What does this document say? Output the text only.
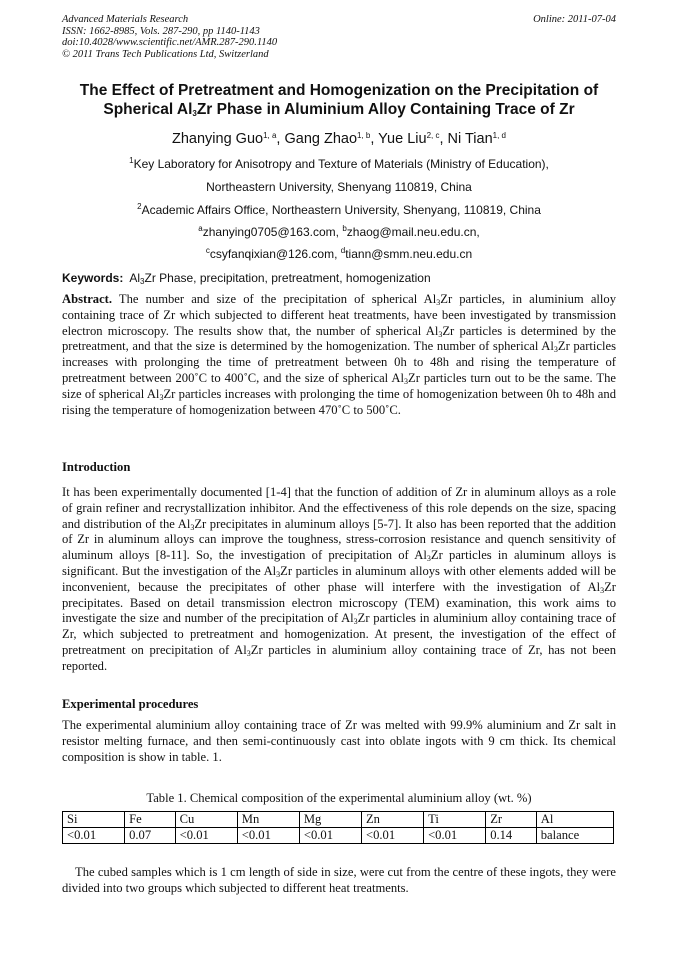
Advanced Materials Research
ISSN: 1662-8985, Vols. 287-290, pp 1140-1143
doi:10.4028/www.scientific.net/AMR.287-290.1140
© 2011 Trans Tech Publications Ltd, Switzerland
Online: 2011-07-04
The Effect of Pretreatment and Homogenization on the Precipitation of
Spherical $Al_3Zr$ Phase in Aluminium Alloy Containing Trace of Zr
Zhanying Guo$^{1, a}$, Gang Zhao$^{1, b}$, Yue Liu$^{2, c}$, Ni Tian$^{1, d}$
$^1$Key Laboratory for Anisotropy and Texture of Materials (Ministry of Education),
Northeastern University, Shenyang 110819, China
$^2$Academic Affairs Office, Northeastern University, Shenyang, 110819, China
$^a$zhanying0705@163.com, $^b$zhaog@mail.neu.edu.cn,
$^c$csyfanqixian@126.com, $^d$tiann@smm.neu.edu.cn
Keywords: $Al_3Zr$ Phase, precipitation, pretreatment, homogenization
Abstract. The number and size of the precipitation of spherical $Al_3Zr$ particles, in aluminium alloy containing trace of Zr which subjected to different heat treatments, have been investigated by transmission electron microscopy. The results show that, the number of spherical $Al_3Zr$ particles is determined by the pretreatment, and that the size is determined by the homogenization. The number of spherical $Al_3Zr$ particles increases with prolonging the time of pretreatment between 0h to 48h and rising the temperature of pretreatment between 200˚C to 400˚C, and the size of spherical $Al_3Zr$ particles turn out to be the same. The size of spherical $Al_3Zr$ particles increases with prolonging the time of homogenization between 0h to 48h and rising the temperature of homogenization between 470˚C to 500˚C.
Introduction
It has been experimentally documented [1-4] that the function of addition of Zr in aluminum alloys as a role of grain refiner and recrystallization inhibitor. And the effectiveness of this role depends on the size, spacing and distribution of the $Al_3Zr$ precipitates in aluminum alloys [5-7]. It also has been reported that the addition of Zr in aluminum alloys can improve the toughness, stress-corrosion resistance and quench sensitivity of aluminum alloys [8-11]. So, the investigation of precipitation of $Al_3Zr$ particles in aluminum alloys is significant. But the investigation of the $Al_3Zr$ particles in aluminum alloys with other elements added will be inconvenient, because the precipitates of other phase will interfere with the investigation of $Al_3Zr$ precipitates. Based on detail transmission electron microscopy (TEM) examination, this work aims to investigate the size and number of the precipitation of $Al_3Zr$ particles in aluminium alloy containing trace of Zr, which subjected to pretreatment and homogenization. At present, the investigation of the effect of pretreatment on precipitation of $Al_3Zr$ particles in aluminium alloy containing trace of Zr, has not been reported.
Experimental procedures
The experimental aluminium alloy containing trace of Zr was melted with 99.9% aluminium and Zr salt in resistor melting furnace, and then semi-continuously cast into oblate ingots with 9 cm thick. Its chemical composition is show in table. 1.
Table 1. Chemical composition of the experimental aluminium alloy (wt. %)
Si	Fe	Cu	Mn	Mg	Zn	Ti	Zr	Al
<0.01	0.07	<0.01	<0.01	<0.01	<0.01	<0.01	0.14	balance
The cubed samples which is 1 cm length of side in size, were cut from the centre of these ingots, they were divided into two groups which subjected to different heat treatments.
